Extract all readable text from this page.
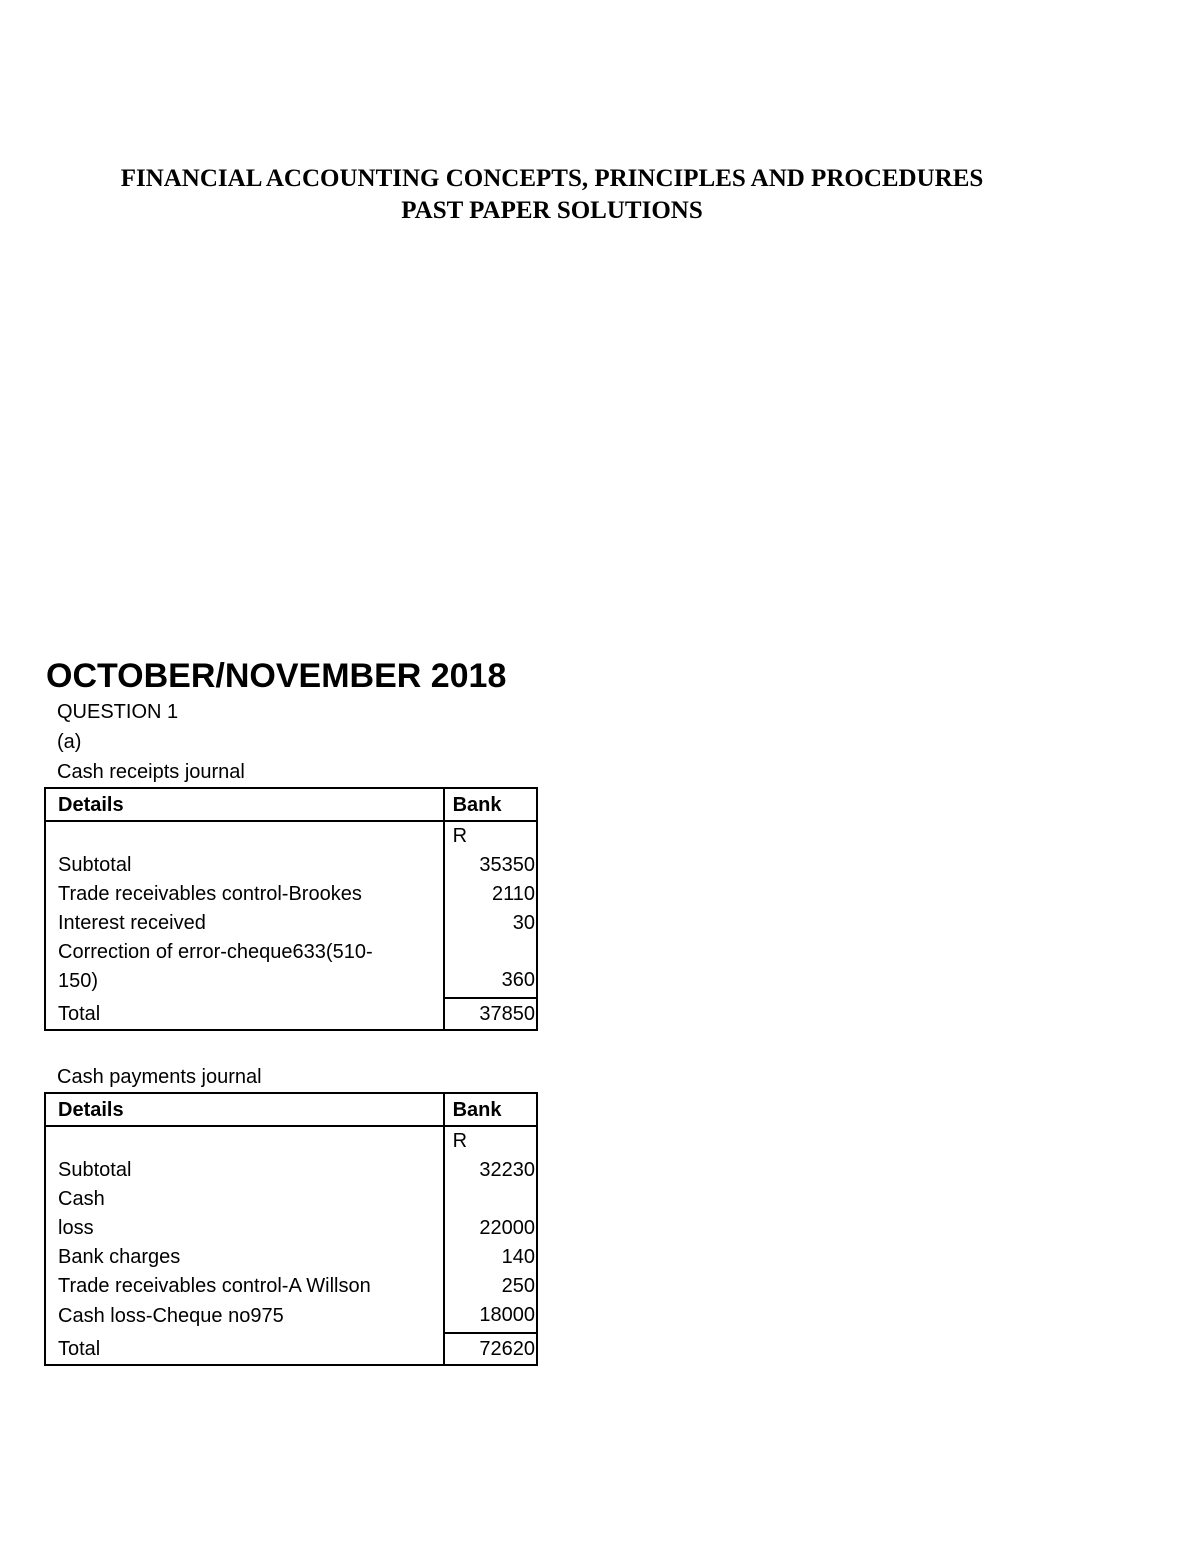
FINANCIAL ACCOUNTING CONCEPTS, PRINCIPLES AND PROCEDURES
PAST PAPER SOLUTIONS
OCTOBER/NOVEMBER 2018
QUESTION 1
(a)
Cash receipts journal
Details	Bank
	R
Subtotal	35350
Trade receivables control-Brookes	2110
Interest received	30

Correction of error-cheque633(510-
150)	360
Total	37850
Cash payments journal
Details	Bank
	R
Subtotal	32230

Cash
loss	22000
Bank charges	140
Trade receivables control-A Willson	250
Cash loss-Cheque no975	18000
Total	72620
